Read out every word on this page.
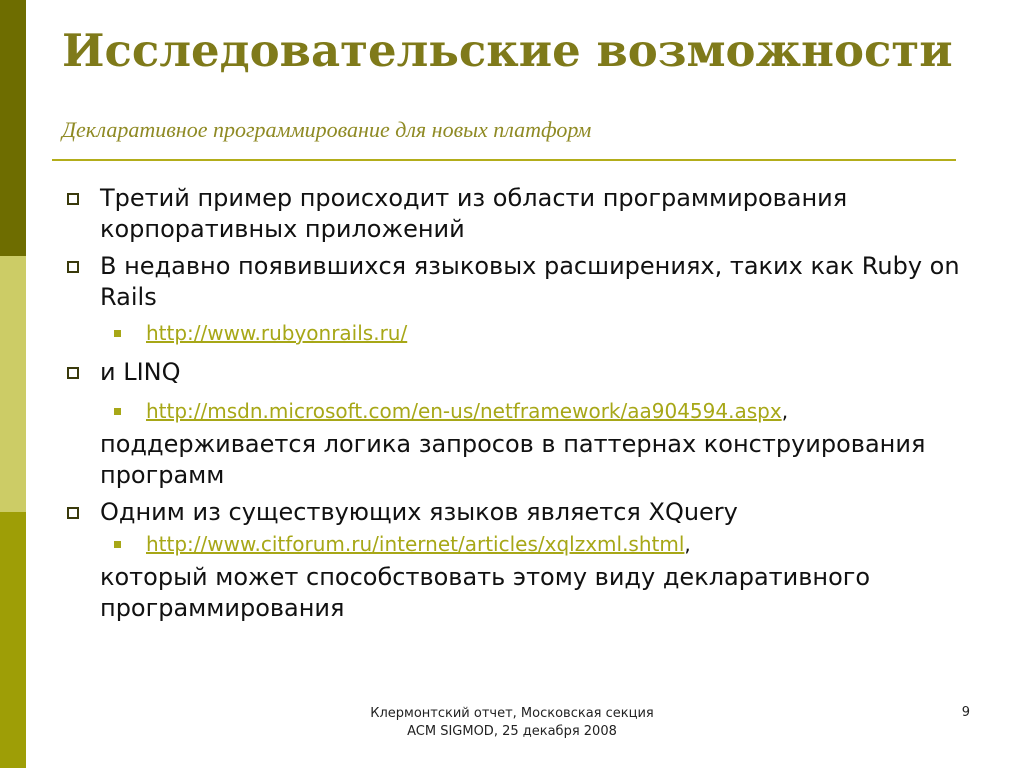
Исследовательские возможности
Декларативное программирование для новых платформ
Третий пример происходит из области программирования корпоративных приложений
В недавно появившихся языковых расширениях, таких как Ruby on Rails
http://www.rubyonrails.ru/
и LINQ
http://msdn.microsoft.com/en-us/netframework/aa904594.aspx,
поддерживается логика запросов в паттернах конструирования программ
Одним из существующих языков является XQuery
http://www.citforum.ru/internet/articles/xqlzxml.shtml,
который может способствовать этому виду декларативного программирования
Клермонтский отчет, Московская секция
ACM SIGMOD, 25 декабря 2008
9
